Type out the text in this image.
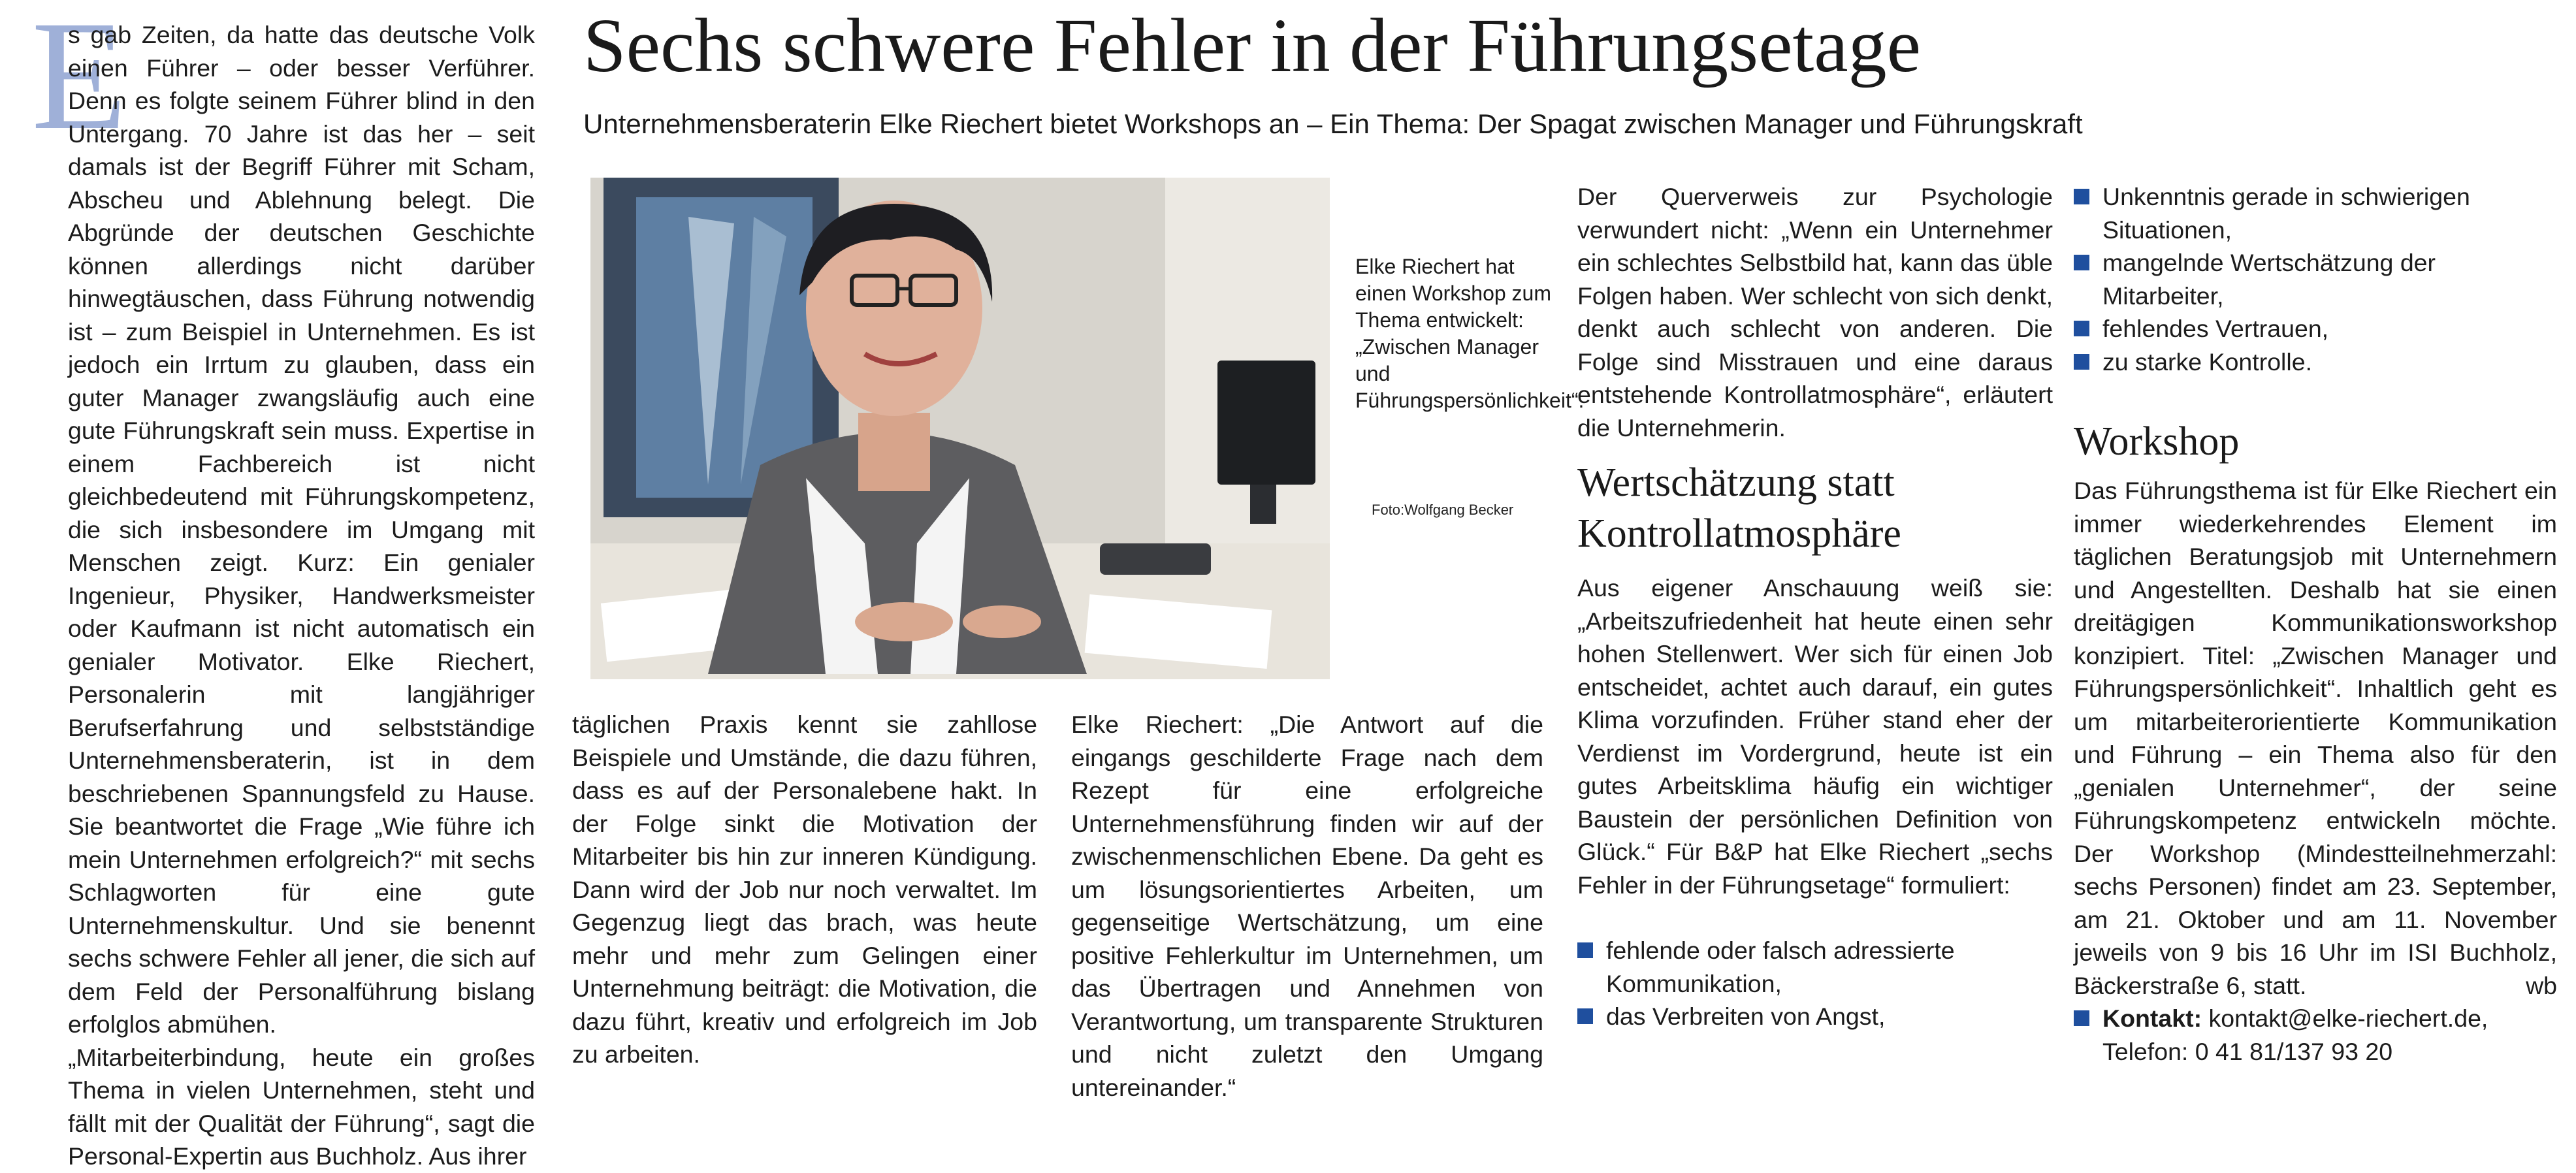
E

s gab Zeiten, da hatte das deutsche Volk einen Führer – oder besser Verführer. Denn es folgte seinem Führer blind in den Untergang. 70 Jahre ist das her – seit damals ist der Begriff Führer mit Scham, Abscheu und Ablehnung belegt. Die Abgründe der deutschen Geschichte können allerdings nicht darüber hinwegtäuschen, dass Führung notwendig ist – zum Beispiel in Unternehmen. Es ist jedoch ein Irrtum zu glauben, dass ein guter Manager zwangsläufig auch eine gute Führungskraft sein muss. Expertise in einem Fachbereich ist nicht gleichbedeutend mit Führungskompetenz, die sich insbesondere im Umgang mit Menschen zeigt. Kurz: Ein genialer Ingenieur, Physiker, Handwerksmeister oder Kaufmann ist nicht automatisch ein genialer Motivator. Elke Riechert, Personalerin mit langjähriger Berufserfahrung und selbstständige Unternehmensberaterin, ist in dem beschriebenen Spannungsfeld zu Hause. Sie beantwortet die Frage „Wie führe ich mein Unternehmen erfolgreich?“ mit sechs Schlagworten für eine gute Unternehmenskultur. Und sie benennt sechs schwere Fehler all jener, die sich auf dem Feld der Personalführung bislang erfolglos abmühen.

„Mitarbeiterbindung, heute ein großes Thema in vielen Unternehmen, steht und fällt mit der Qualität der Führung“, sagt die Personal-Expertin aus Buchholz. Aus ihrer

Sechs schwere Fehler in der Führungsetage
Unternehmensberaterin Elke Riechert bietet Workshops an – Ein Thema: Der Spagat zwischen Manager und Führungskraft

Elke Riechert hat einen Workshop zum Thema entwickelt: „Zwischen Manager und Führungspersönlichkeit“.

Foto:Wolfgang Becker

täglichen Praxis kennt sie zahllose Beispiele und Umstände, die dazu führen, dass es auf der Personalebene hakt. In der Folge sinkt die Motivation der Mitarbeiter bis hin zur inneren Kündigung. Dann wird der Job nur noch verwaltet. Im Gegenzug liegt das brach, was heute mehr und mehr zum Gelingen einer Unternehmung beiträgt: die Motivation, die dazu führt, kreativ und erfolgreich im Job zu arbeiten.

Elke Riechert: „Die Antwort auf die eingangs geschilderte Frage nach dem Rezept für eine erfolgreiche Unternehmensführung finden wir auf der zwischenmenschlichen Ebene. Da geht es um lösungsorientiertes Arbeiten, um gegenseitige Wertschätzung, um eine positive Fehlerkultur im Unternehmen, um das Übertragen und Annehmen von Verantwortung, um transparente Strukturen und nicht zuletzt den Umgang untereinander.“

Der Querverweis zur Psychologie verwundert nicht: „Wenn ein Unternehmer ein schlechtes Selbstbild hat, kann das üble Folgen haben. Wer schlecht von sich denkt, denkt auch schlecht von anderen. Die Folge sind Misstrauen und eine daraus entstehende Kontrollatmosphäre“, erläutert die Unternehmerin.

Wertschätzung statt Kontrollatmosphäre

Aus eigener Anschauung weiß sie: „Arbeitszufriedenheit hat heute einen sehr hohen Stellenwert. Wer sich für einen Job entscheidet, achtet auch darauf, ein gutes Klima vorzufinden. Früher stand eher der Verdienst im Vordergrund, heute ist ein gutes Arbeitsklima häufig ein wichtiger Baustein der persönlichen Definition von Glück.“ Für B&P hat Elke Riechert „sechs Fehler in der Führungsetage“ formuliert:

fehlende oder falsch adressierte Kommunikation,
das Verbreiten von Angst,
Unkenntnis gerade in schwierigen Situationen,
mangelnde Wertschätzung der Mitarbeiter,
fehlendes Vertrauen,
zu starke Kontrolle.
Workshop

Das Führungsthema ist für Elke Riechert ein immer wiederkehrendes Element im täglichen Beratungsjob mit Unternehmern und Angestellten. Deshalb hat sie einen dreitägigen Kommunikationsworkshop konzipiert. Titel: „Zwischen Manager und Führungspersönlichkeit“. Inhaltlich geht es um mitarbeiterorientierte Kommunikation und Führung – ein Thema also für den „genialen Unternehmer“, der seine Führungskompetenz entwickeln möchte. Der Workshop (Mindestteilnehmerzahl: sechs Personen) findet am 23. September, am 21. Oktober und am 11. November jeweils von 9 bis 16 Uhr im ISI Buchholz, Bäckerstraße 6, statt.	wb

Kontakt: kontakt@elke-riechert.de,
Telefon: 0 41 81/137 93 20
